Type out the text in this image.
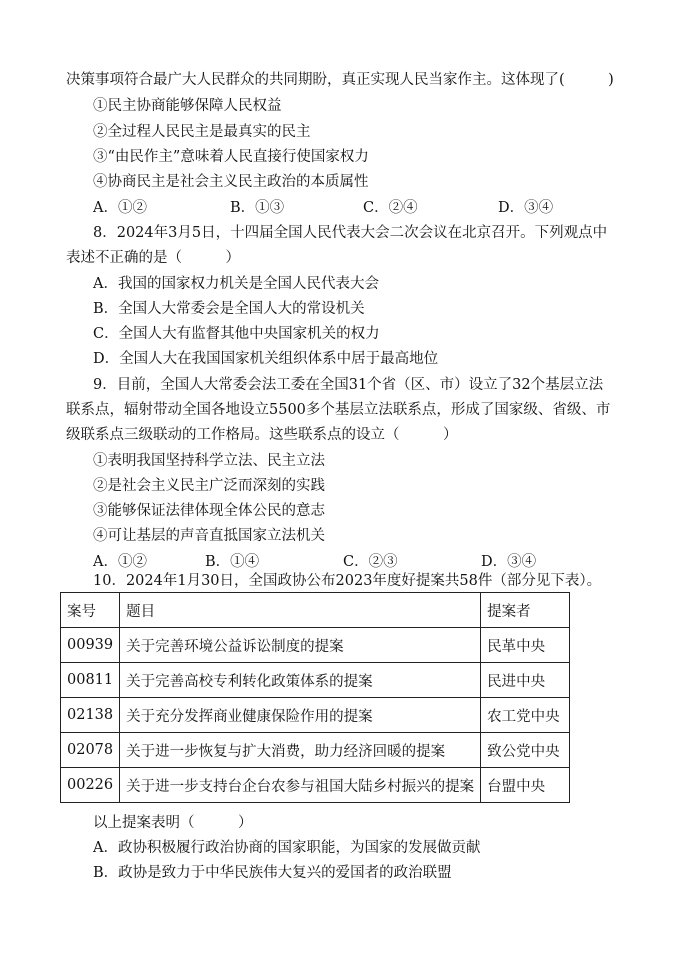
决策事项符合最广大人民群众的共同期盼，真正实现人民当家作主。这体现了(　　　)
①民主协商能够保障人民权益
②全过程人民民主是最真实的民主
③“由民作主”意味着人民直接行使国家权力
④协商民主是社会主义民主政治的本质属性
A．①②	B．①③	C．②④	D．③④
8．2024年3月5日，十四届全国人民代表大会二次会议在北京召开。下列观点中
表述不正确的是（　　　）
A．我国的国家权力机关是全国人民代表大会
B．全国人大常委会是全国人大的常设机关
C．全国人大有监督其他中央国家机关的权力
D．全国人大在我国国家机关组织体系中居于最高地位
9．目前，全国人大常委会法工委在全国31个省（区、市）设立了32个基层立法
联系点，辐射带动全国各地设立5500多个基层立法联系点，形成了国家级、省级、市
级联系点三级联动的工作格局。这些联系点的设立（　　　）
①表明我国坚持科学立法、民主立法
②是社会主义民主广泛而深刻的实践
③能够保证法律体现全体公民的意志
④可让基层的声音直抵国家立法机关
A．①②	B．①④	C．②③	D．③④
10．2024年1月30日，全国政协公布2023年度好提案共58件（部分见下表）。
案号	题目	提案者
00939	关于完善环境公益诉讼制度的提案	民革中央
00811	关于完善高校专利转化政策体系的提案	民进中央
02138	关于充分发挥商业健康保险作用的提案	农工党中央
02078	关于进一步恢复与扩大消费，助力经济回暖的提案	致公党中央
00226	关于进一步支持台企台农参与祖国大陆乡村振兴的提案	台盟中央
以上提案表明（　　　）
A．政协积极履行政治协商的国家职能，为国家的发展做贡献
B．政协是致力于中华民族伟大复兴的爱国者的政治联盟
